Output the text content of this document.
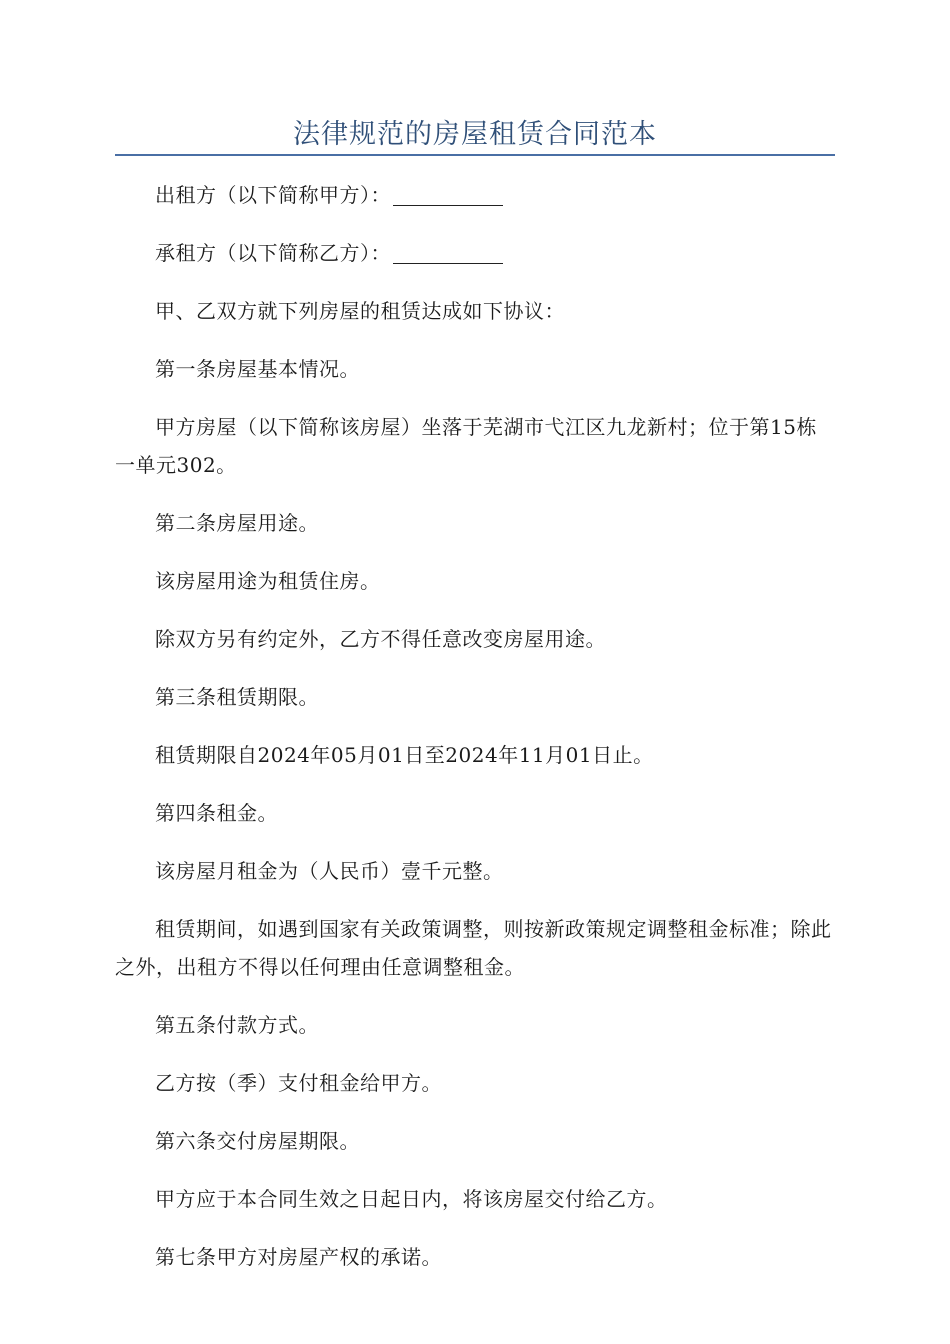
法律规范的房屋租赁合同范本

出租方（以下简称甲方）：

承租方（以下简称乙方）：

甲、乙双方就下列房屋的租赁达成如下协议：

第一条房屋基本情况。

甲方房屋（以下简称该房屋）坐落于芜湖市弋江区九龙新村；位于第15栋一单元302。

第二条房屋用途。

该房屋用途为租赁住房。

除双方另有约定外，乙方不得任意改变房屋用途。

第三条租赁期限。

租赁期限自2024年05月01日至2024年11月01日止。

第四条租金。

该房屋月租金为（人民币）壹千元整。

租赁期间，如遇到国家有关政策调整，则按新政策规定调整租金标准；除此之外，出租方不得以任何理由任意调整租金。

第五条付款方式。

乙方按（季）支付租金给甲方。

第六条交付房屋期限。

甲方应于本合同生效之日起日内，将该房屋交付给乙方。

第七条甲方对房屋产权的承诺。
